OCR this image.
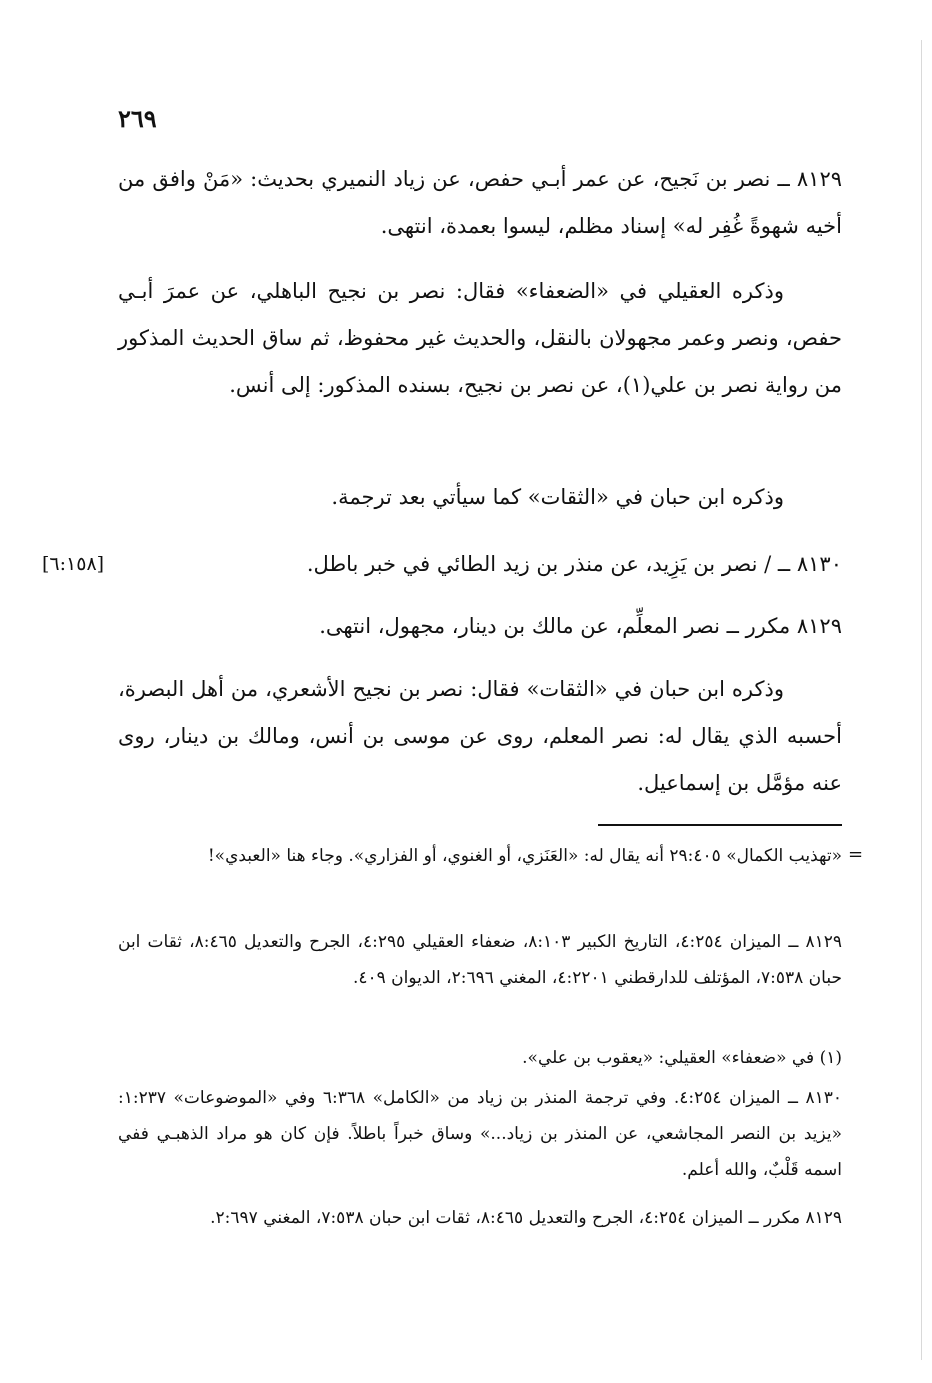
٢٦٩

٨١٢٩ ــ نصر بن نَجيح، عن عمر أبـي حفص، عن زياد النميري بحديث: «مَنْ وافق من أخيه شهوةً غُفِر له» إسناد مظلم، ليسوا بعمدة، انتهى.

وذكره العقيلي في «الضعفاء» فقال: نصر بن نجيح الباهلي، عن عمرَ أبـي حفص، ونصر وعمر مجهولان بالنقل، والحديث غير محفوظ، ثم ساق الحديث المذكور من رواية نصر بن علي(١)، عن نصر بن نجيح، بسنده المذكور: إلى أنس.

وذكره ابن حبان في «الثقات» كما سيأتي بعد ترجمة.

٨١٣٠ ــ / نصر بن يَزِيد، عن منذر بن زيد الطائي في خبر باطل.

[٦:١٥٨]

٨١٢٩ مكرر ــ نصر المعلِّم، عن مالك بن دينار، مجهول، انتهى.

وذكره ابن حبان في «الثقات» فقال: نصر بن نجيح الأشعري، من أهل البصرة، أحسبه الذي يقال له: نصر المعلم، روى عن موسى بن أنس، ومالك بن دينار، روى عنه مؤمَّل بن إسماعيل.

=

«تهذيب الكمال» ٢٩:٤٠٥ أنه يقال له: «العَنَزي، أو الغنوي، أو الفزاري». وجاء هنا «العبدي»!

٨١٢٩ ــ الميزان ٤:٢٥٤، التاريخ الكبير ٨:١٠٣، ضعفاء العقيلي ٤:٢٩٥، الجرح والتعديل ٨:٤٦٥، ثقات ابن حبان ٧:٥٣٨، المؤتلف للدارقطني ٤:٢٢٠١، المغني ٢:٦٩٦، الديوان ٤٠٩.

(١) في «ضعفاء» العقيلي: «يعقوب بن علي».

٨١٣٠ ــ الميزان ٤:٢٥٤. وفي ترجمة المنذر بن زياد من «الكامل» ٦:٣٦٨ وفي «الموضوعات» ١:٢٣٧: «يزيد بن النصر المجاشعي، عن المنذر بن زياد...» وساق خبراً باطلاً. فإن كان هو مراد الذهبـي ففي اسمه قَلْبٌ، والله أعلم.

٨١٢٩ مكرر ــ الميزان ٤:٢٥٤، الجرح والتعديل ٨:٤٦٥، ثقات ابن حبان ٧:٥٣٨، المغني ٢:٦٩٧.
